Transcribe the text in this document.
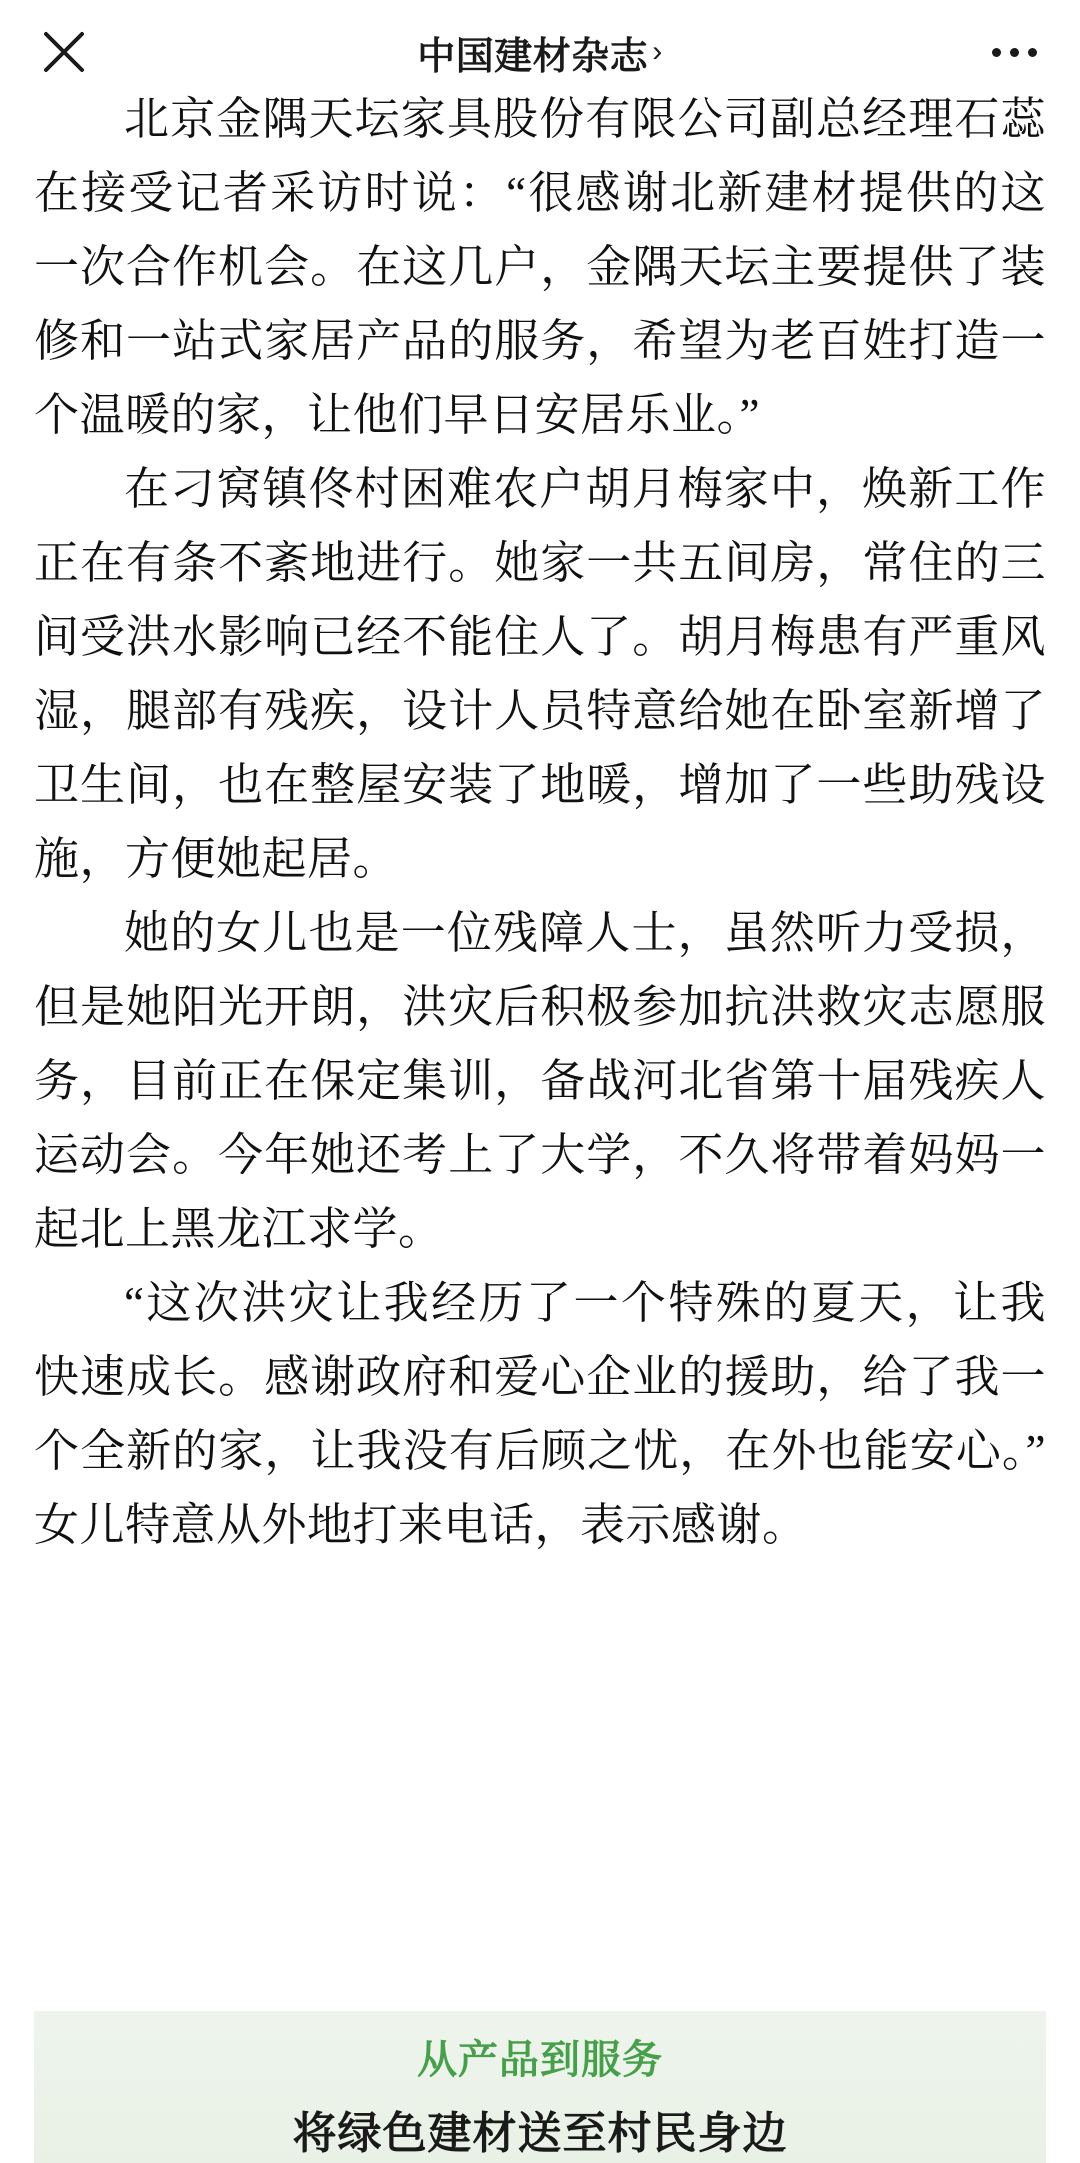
中国建材杂志 ›

北京金隅天坛家具股份有限公司副总经理石蕊在接受记者采访时说：“很感谢北新建材提供的这一次合作机会。在这几户，金隅天坛主要提供了装修和一站式家居产品的服务，希望为老百姓打造一个温暖的家，让他们早日安居乐业。”

在刁窝镇佟村困难农户胡月梅家中，焕新工作正在有条不紊地进行。她家一共五间房，常住的三间受洪水影响已经不能住人了。胡月梅患有严重风湿，腿部有残疾，设计人员特意给她在卧室新增了卫生间，也在整屋安装了地暖，增加了一些助残设施，方便她起居。

她的女儿也是一位残障人士，虽然听力受损，但是她阳光开朗，洪灾后积极参加抗洪救灾志愿服务，目前正在保定集训，备战河北省第十届残疾人运动会。今年她还考上了大学，不久将带着妈妈一起北上黑龙江求学。

“这次洪灾让我经历了一个特殊的夏天，让我快速成长。感谢政府和爱心企业的援助，给了我一个全新的家，让我没有后顾之忧，在外也能安心。”女儿特意从外地打来电话，表示感谢。

从产品到服务
将绿色建材送至村民身边
